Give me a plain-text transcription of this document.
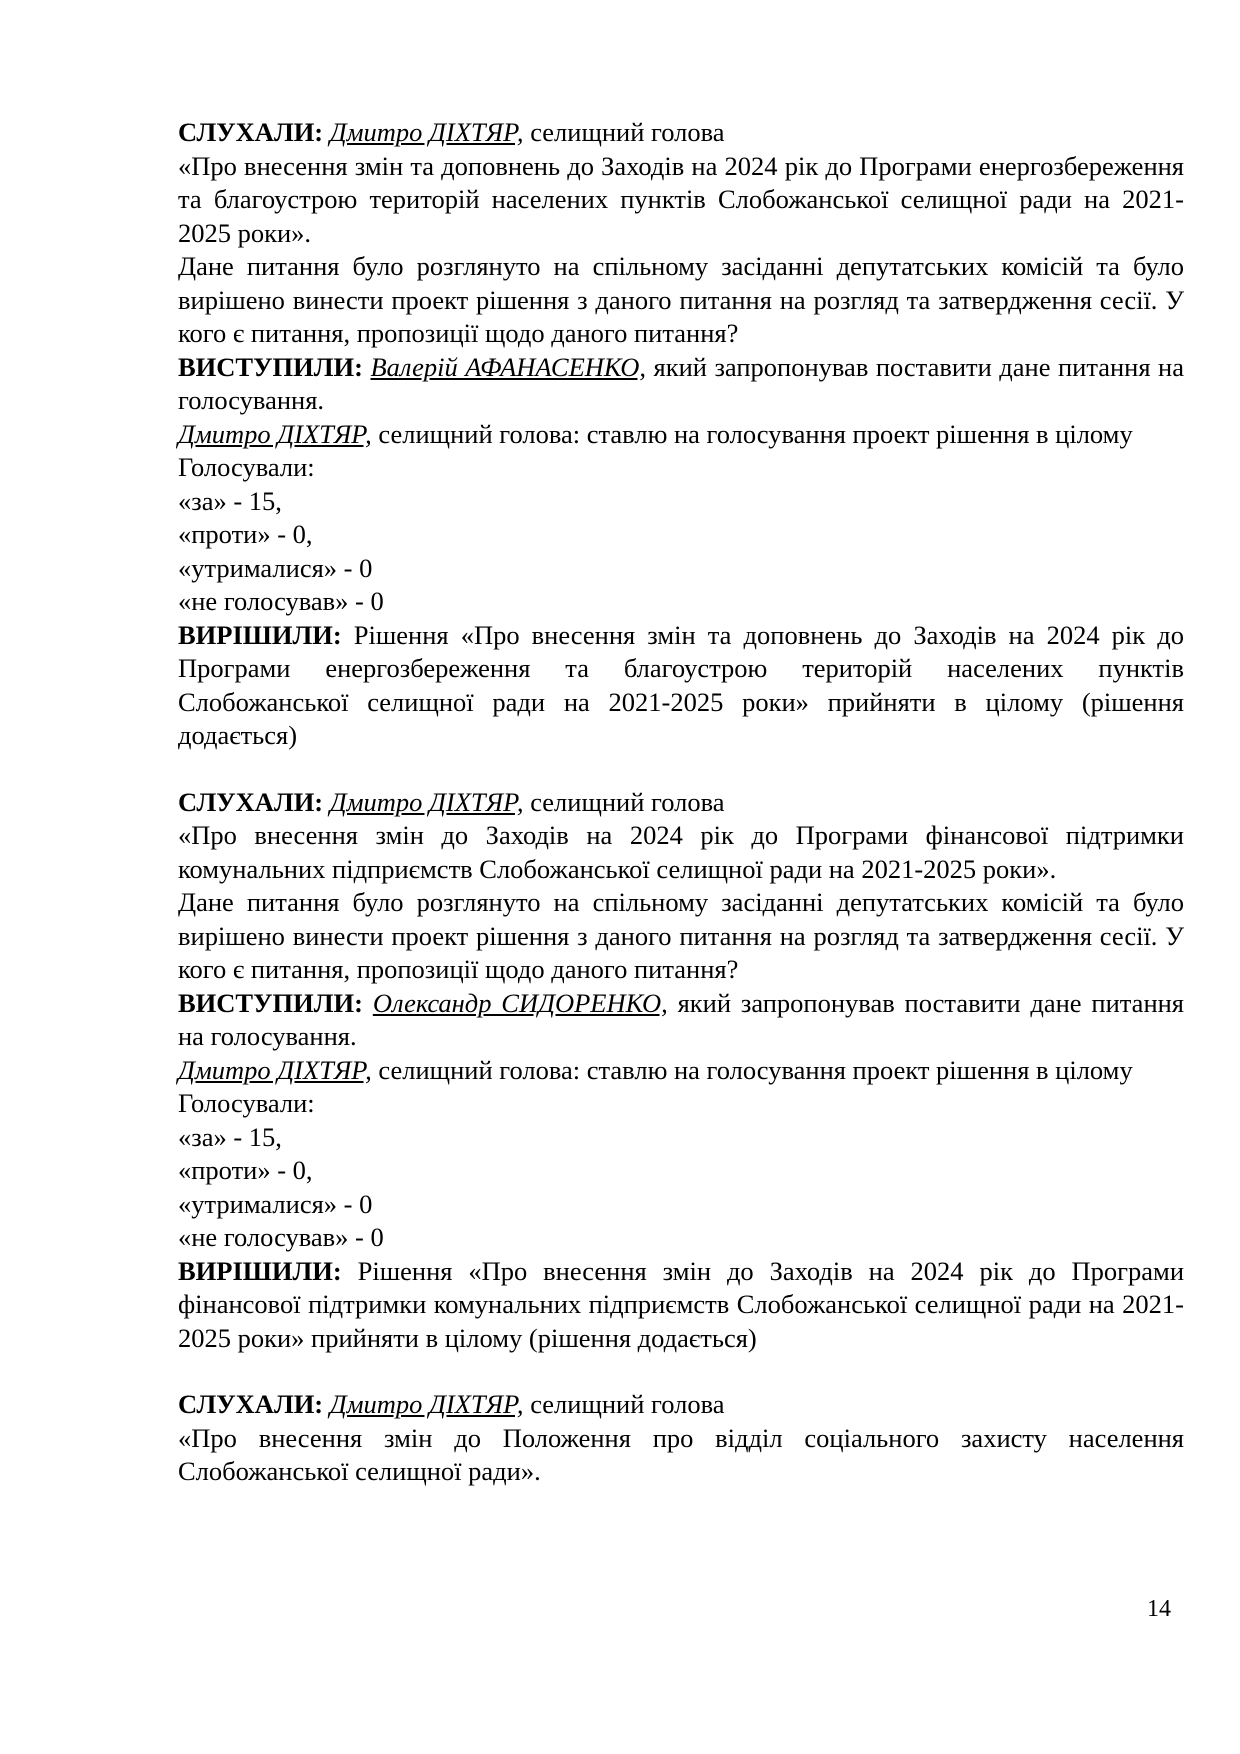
СЛУХАЛИ: Дмитро ДІХТЯР, селищний голова

«Про внесення змін та доповнень до Заходів на 2024 рік до Програми енергозбереження та благоустрою територій населених пунктів Слобожанської селищної ради на 2021-2025 роки».

Дане питання було розглянуто на спільному засіданні депутатських комісій та було вирішено винести проект рішення з даного питання на розгляд та затвердження сесії. У кого є питання, пропозиції щодо даного питання?

ВИСТУПИЛИ: Валерій АФАНАСЕНКО, який запропонував поставити дане питання на голосування.

Дмитро ДІХТЯР, селищний голова: ставлю на голосування проект рішення в цілому

Голосували:

«за» - 15,

«проти» - 0,

«утрималися» - 0

«не голосував» - 0

ВИРІШИЛИ: Рішення «Про внесення змін та доповнень до Заходів на 2024 рік до Програми енергозбереження та благоустрою територій населених пунктів Слобожанської селищної ради на 2021-2025 роки» прийняти в цілому (рішення додається)

СЛУХАЛИ: Дмитро ДІХТЯР, селищний голова

«Про внесення змін до Заходів на 2024 рік до Програми фінансової підтримки комунальних підприємств Слобожанської селищної ради на 2021-2025 роки».

Дане питання було розглянуто на спільному засіданні депутатських комісій та було вирішено винести проект рішення з даного питання на розгляд та затвердження сесії. У кого є питання, пропозиції щодо даного питання?

ВИСТУПИЛИ: Олександр СИДОРЕНКО, який запропонував поставити дане питання на голосування.

Дмитро ДІХТЯР, селищний голова: ставлю на голосування проект рішення в цілому

Голосували:

«за» - 15,

«проти» - 0,

«утрималися» - 0

«не голосував» - 0

ВИРІШИЛИ: Рішення «Про внесення змін до Заходів на 2024 рік до Програми фінансової підтримки комунальних підприємств Слобожанської селищної ради на 2021-2025 роки» прийняти в цілому (рішення додається)

СЛУХАЛИ: Дмитро ДІХТЯР, селищний голова

«Про внесення змін до Положення про відділ соціального захисту населення Слобожанської селищної ради».

14
